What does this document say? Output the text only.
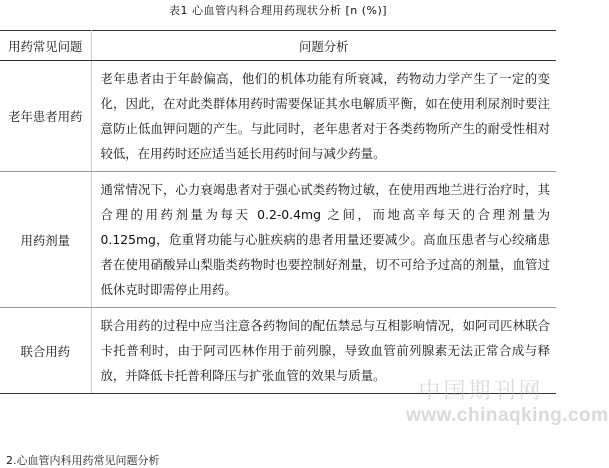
表1 心血管内科合理用药现状分析 [n (%)]
用药常见问题	问题分析
老年患者用药	老年患者由于年龄偏高，他们的机体功能有所衰减，药物动力学产生了一定的变化，因此，在对此类群体用药时需要保证其水电解质平衡，如在使用利尿剂时要注意防止低血钾问题的产生。与此同时，老年患者对于各类药物所产生的耐受性相对较低，在用药时还应适当延长用药时间与减少药量。
用药剂量	通常情况下，心力衰竭患者对于强心甙类药物过敏，在使用西地兰进行治疗时，其合理的用药剂量为每天 0.2-0.4mg 之间，而地高辛每天的合理剂量为 0.125mg，危重肾功能与心脏疾病的患者用量还要减少。高血压患者与心绞痛患者在使用硝酸异山梨脂类药物时也要控制好剂量，切不可给予过高的剂量，血管过低休克时即需停止用药。
联合用药	联合用药的过程中应当注意各药物间的配伍禁忌与互相影响情况，如阿司匹林联合卡托普利时，由于阿司匹林作用于前列腺，导致血管前列腺素无法正常合成与释放，并降低卡托普利降压与扩张血管的效果与质量。
2.心血管内科用药常见问题分析
中国期刊网
www.chinaqking.com
